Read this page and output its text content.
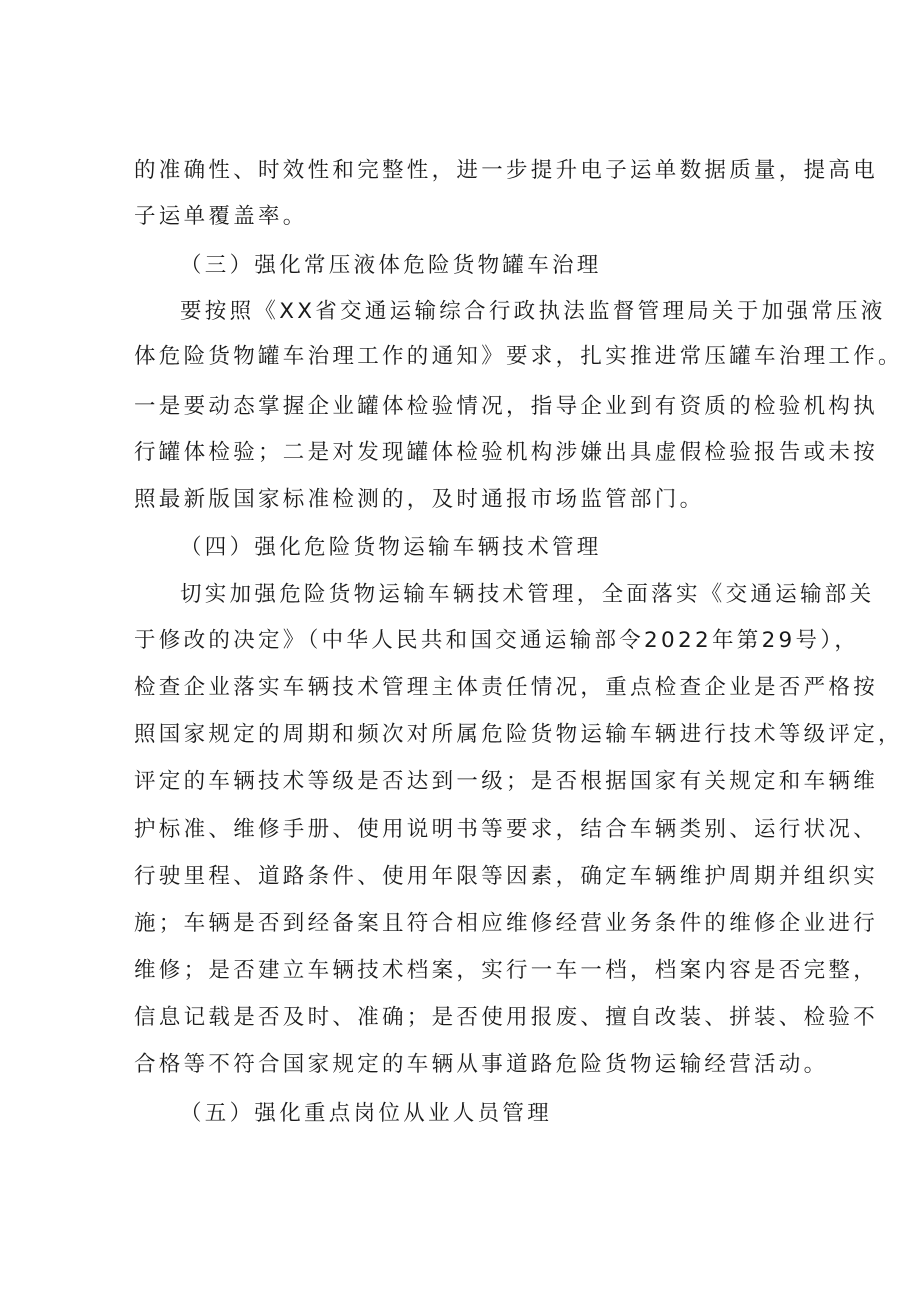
的准确性、时效性和完整性，进一步提升电子运单数据质量，提高电
子运单覆盖率。
（三）强化常压液体危险货物罐车治理
要按照《XX省交通运输综合行政执法监督管理局关于加强常压液
体危险货物罐车治理工作的通知》要求，扎实推进常压罐车治理工作。
一是要动态掌握企业罐体检验情况，指导企业到有资质的检验机构执
行罐体检验；二是对发现罐体检验机构涉嫌出具虚假检验报告或未按
照最新版国家标准检测的，及时通报市场监管部门。
（四）强化危险货物运输车辆技术管理
切实加强危险货物运输车辆技术管理，全面落实《交通运输部关
于修改的决定》（中华人民共和国交通运输部令2022年第29号），
检查企业落实车辆技术管理主体责任情况，重点检查企业是否严格按
照国家规定的周期和频次对所属危险货物运输车辆进行技术等级评定，
评定的车辆技术等级是否达到一级；是否根据国家有关规定和车辆维
护标准、维修手册、使用说明书等要求，结合车辆类别、运行状况、
行驶里程、道路条件、使用年限等因素，确定车辆维护周期并组织实
施；车辆是否到经备案且符合相应维修经营业务条件的维修企业进行
维修；是否建立车辆技术档案，实行一车一档，档案内容是否完整，
信息记载是否及时、准确；是否使用报废、擅自改装、拼装、检验不
合格等不符合国家规定的车辆从事道路危险货物运输经营活动。
（五）强化重点岗位从业人员管理
